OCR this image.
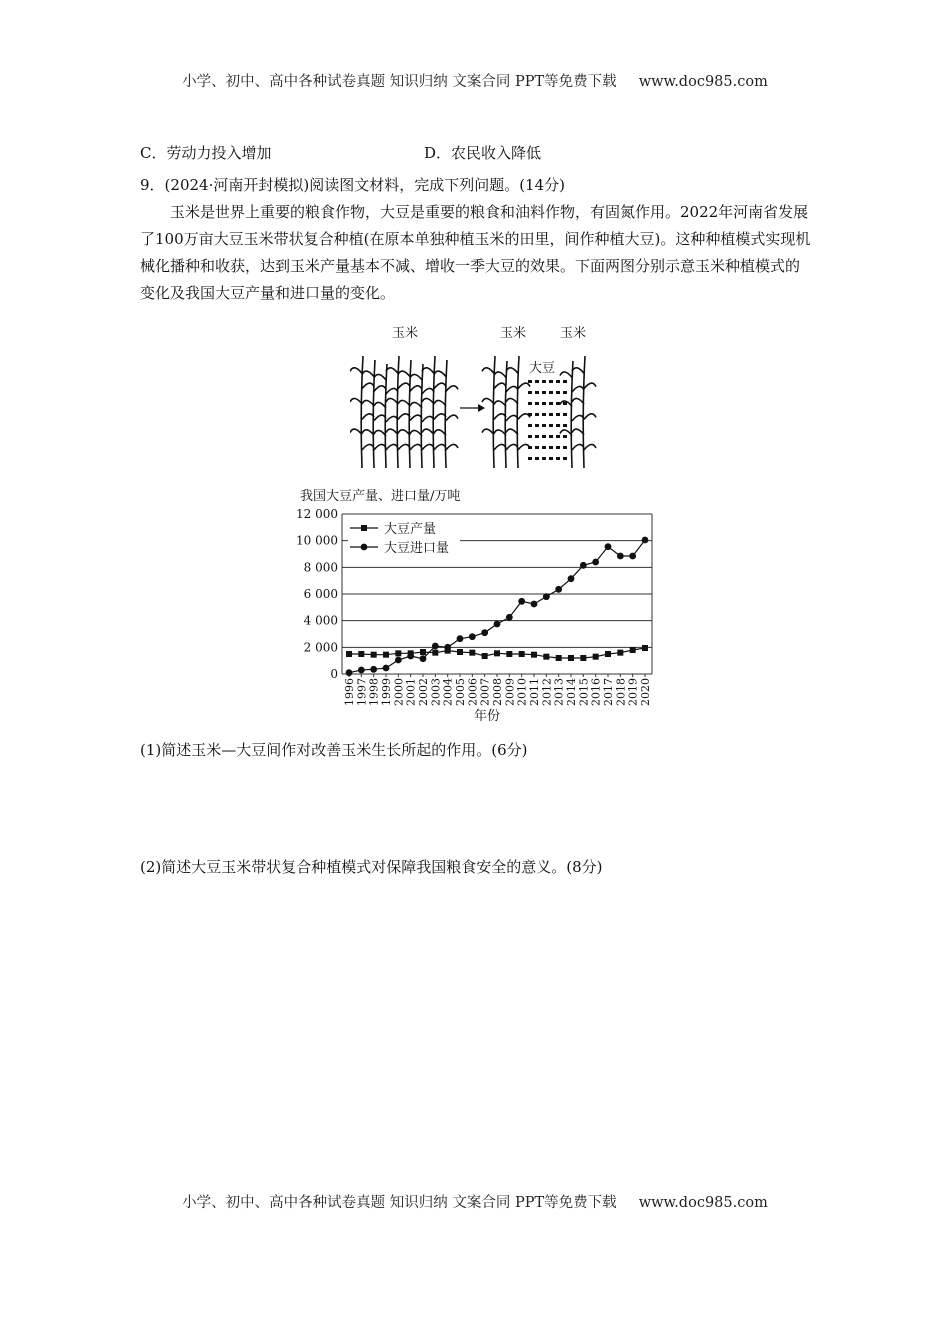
小学、初中、高中各种试卷真题 知识归纳 文案合同 PPT等免费下载 www.doc985.com
C．劳动力投入增加	D．农民收入降低
9．(2024·河南开封模拟)阅读图文材料，完成下列问题。(14分)
玉米是世界上重要的粮食作物，大豆是重要的粮食和油料作物，有固氮作用。2022年河南省发展了100万亩大豆玉米带状复合种植(在原本单独种植玉米的田里，间作种植大豆)。这种种植模式实现机械化播种和收获，达到玉米产量基本不减、增收一季大豆的效果。下面两图分别示意玉米种植模式的变化及我国大豆产量和进口量的变化。
玉米	玉米	玉米
大豆
我国大豆产量、进口量/万吨
0
2 000
4 000
6 000
8 000
10 000
12 000
1996 1997 1998 1999 2000 2001 2002 2003 2004 2005 2006 2007 2008 2009 2010 2011 2012 2013 2014 2015 2016 2017 2018 2019 2020
大豆产量
大豆进口量
年份
(1)简述玉米—大豆间作对改善玉米生长所起的作用。(6分)
(2)简述大豆玉米带状复合种植模式对保障我国粮食安全的意义。(8分)
小学、初中、高中各种试卷真题 知识归纳 文案合同 PPT等免费下载 www.doc985.com
